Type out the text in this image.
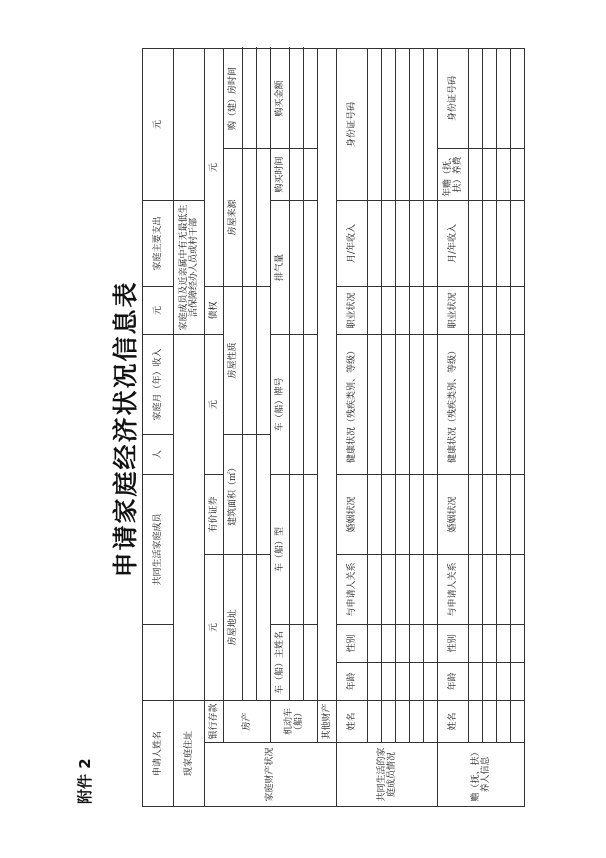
附件 2
申请家庭经济状况信息表
申请人姓名				共同生活家庭成员		人	家庭月（年）收入	元	家庭主要支出	元	
现家庭住址								家庭成员及近亲属中有无最低生活保障经办人员或村干部			
家庭财产状况	银行存款	元			有价证券	元		债权	元		
	房产	房屋地址			建筑面积（㎡）		房屋性质		房屋来源		购（建）房时间

	机动车（船）	车（船）主姓名		车（船）型		车（船）牌号		排气量		购买时间	购买金额

	其他财产										
共同生活的家庭成员情况	姓名	年龄	性别	与申请人关系	婚姻状况	健康状况（残疾类别、等级）		职业状况	月/年收入	身份证号码	

赡（抚、扶）养人信息	姓名	年龄	性别	与申请人关系	婚姻状况	健康状况（残疾类别、等级）		职业状况	月/年收入	年赡（抚、扶）养费	身份证号码
